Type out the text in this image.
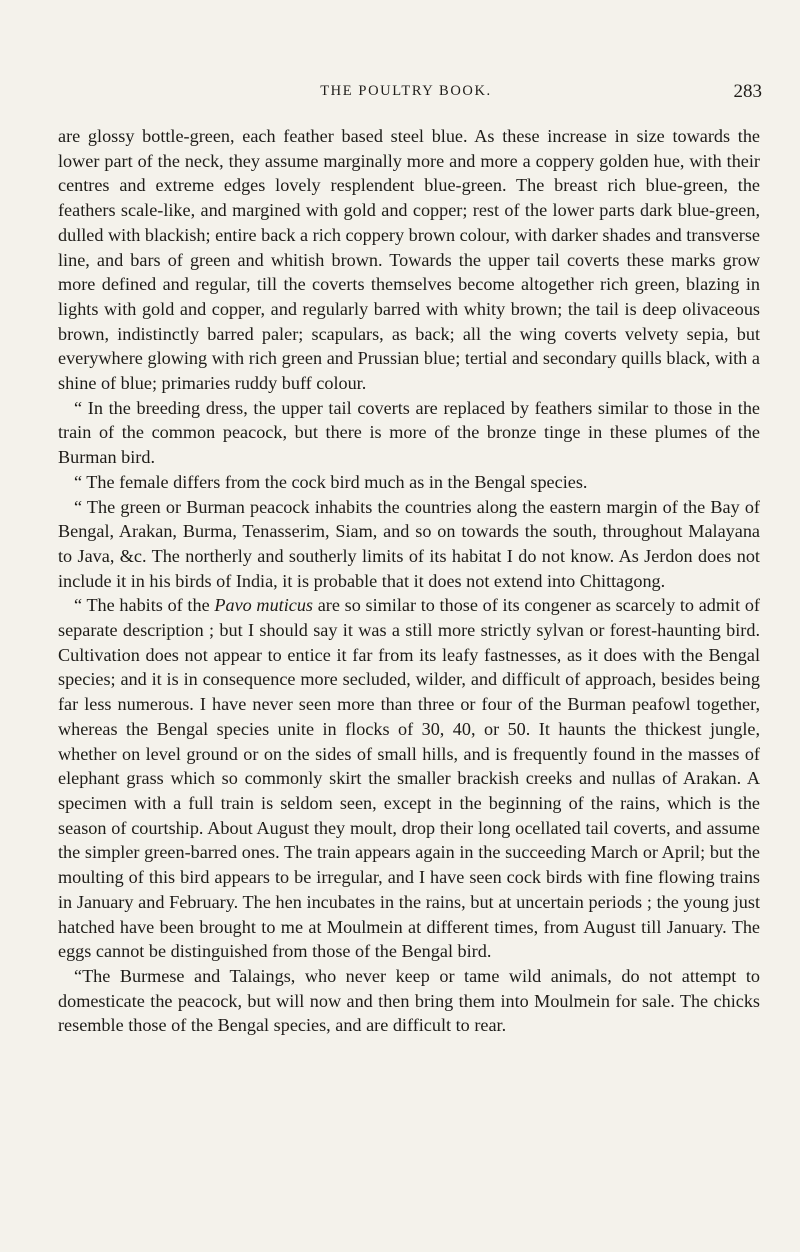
THE POULTRY BOOK.	283

are glossy bottle-green, each feather based steel blue. As these increase in size towards the lower part of the neck, they assume marginally more and more a coppery golden hue, with their centres and extreme edges lovely resplendent blue-green. The breast rich blue-green, the feathers scale-like, and margined with gold and copper; rest of the lower parts dark blue-green, dulled with blackish; entire back a rich coppery brown colour, with darker shades and transverse line, and bars of green and whitish brown. Towards the upper tail coverts these marks grow more defined and regular, till the coverts themselves become altogether rich green, blazing in lights with gold and copper, and regularly barred with whity brown; the tail is deep olivaceous brown, indistinctly barred paler; scapulars, as back; all the wing coverts velvety sepia, but everywhere glowing with rich green and Prussian blue; tertial and secondary quills black, with a shine of blue; primaries ruddy buff colour.

“ In the breeding dress, the upper tail coverts are replaced by feathers similar to those in the train of the common peacock, but there is more of the bronze tinge in these plumes of the Burman bird.

“ The female differs from the cock bird much as in the Bengal species.

“ The green or Burman peacock inhabits the countries along the eastern margin of the Bay of Bengal, Arakan, Burma, Tenasserim, Siam, and so on towards the south, throughout Malayana to Java, &c. The northerly and southerly limits of its habitat I do not know. As Jerdon does not include it in his birds of India, it is probable that it does not extend into Chittagong.

“ The habits of the Pavo muticus are so similar to those of its congener as scarcely to admit of separate description ; but I should say it was a still more strictly sylvan or forest-haunting bird. Cultivation does not appear to entice it far from its leafy fastnesses, as it does with the Bengal species; and it is in consequence more secluded, wilder, and difficult of approach, besides being far less numerous. I have never seen more than three or four of the Burman peafowl together, whereas the Bengal species unite in flocks of 30, 40, or 50. It haunts the thickest jungle, whether on level ground or on the sides of small hills, and is frequently found in the masses of elephant grass which so commonly skirt the smaller brackish creeks and nullas of Arakan. A specimen with a full train is seldom seen, except in the beginning of the rains, which is the season of courtship. About August they moult, drop their long ocellated tail coverts, and assume the simpler green-barred ones. The train appears again in the succeeding March or April; but the moulting of this bird appears to be irregular, and I have seen cock birds with fine flowing trains in January and February. The hen incubates in the rains, but at uncertain periods ; the young just hatched have been brought to me at Moulmein at different times, from August till January. The eggs cannot be distinguished from those of the Bengal bird.

“The Burmese and Talaings, who never keep or tame wild animals, do not attempt to domesticate the peacock, but will now and then bring them into Moulmein for sale. The chicks resemble those of the Bengal species, and are difficult to rear.
